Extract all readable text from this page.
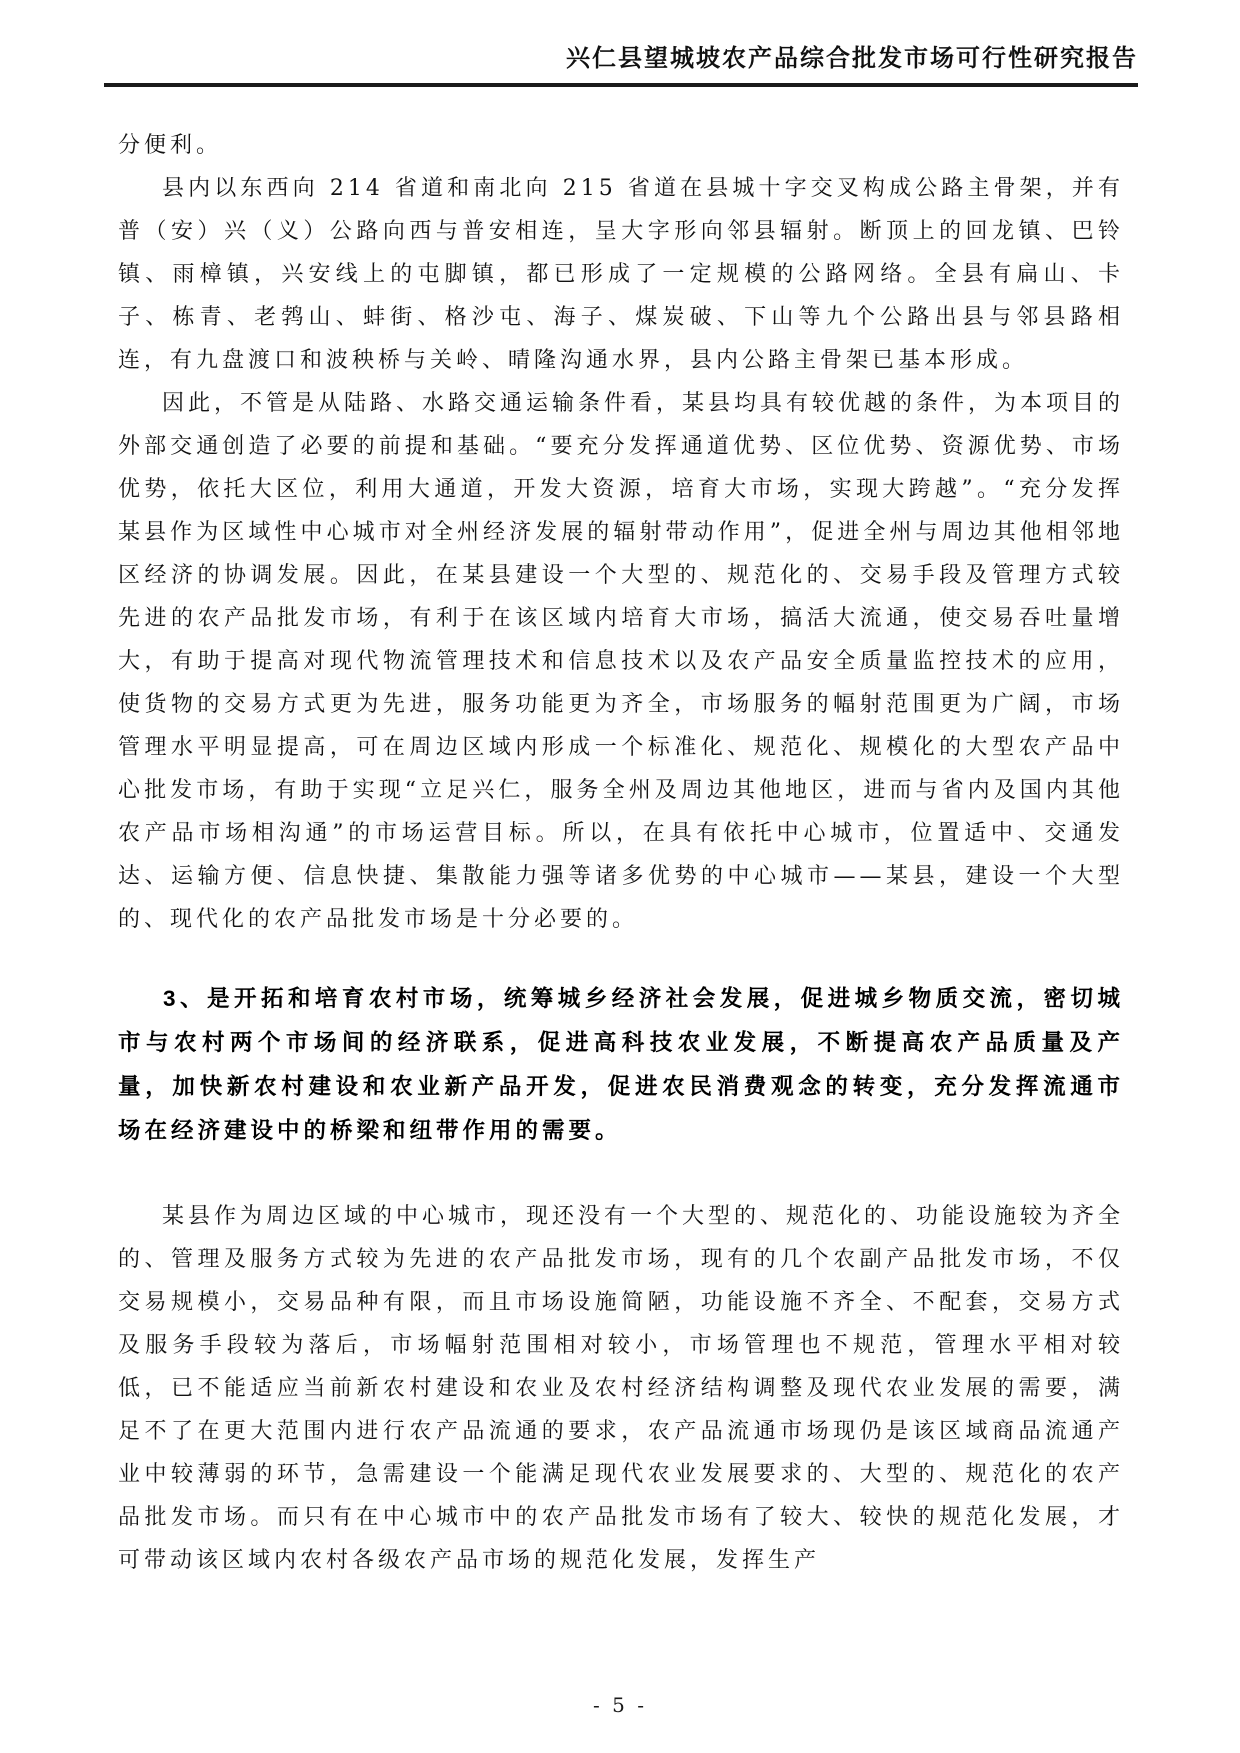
兴仁县望城坡农产品综合批发市场可行性研究报告

分便利。

县内以东西向 214 省道和南北向 215 省道在县城十字交叉构成公路主骨架，并有普（安）兴（义）公路向西与普安相连，呈大字形向邻县辐射。断顶上的回龙镇、巴铃镇、雨樟镇，兴安线上的屯脚镇，都已形成了一定规模的公路网络。全县有扁山、卡子、栋青、老鹁山、蚌街、格沙屯、海子、煤炭破、下山等九个公路出县与邻县路相连，有九盘渡口和波秧桥与关岭、晴隆沟通水界，县内公路主骨架已基本形成。

因此，不管是从陆路、水路交通运输条件看，某县均具有较优越的条件，为本项目的外部交通创造了必要的前提和基础。“要充分发挥通道优势、区位优势、资源优势、市场优势，依托大区位，利用大通道，开发大资源，培育大市场，实现大跨越”。“充分发挥某县作为区域性中心城市对全州经济发展的辐射带动作用”，促进全州与周边其他相邻地区经济的协调发展。因此，在某县建设一个大型的、规范化的、交易手段及管理方式较先进的农产品批发市场，有利于在该区域内培育大市场，搞活大流通，使交易吞吐量增大，有助于提高对现代物流管理技术和信息技术以及农产品安全质量监控技术的应用，使货物的交易方式更为先进，服务功能更为齐全，市场服务的幅射范围更为广阔，市场管理水平明显提高，可在周边区域内形成一个标准化、规范化、规模化的大型农产品中心批发市场，有助于实现“立足兴仁，服务全州及周边其他地区，进而与省内及国内其他农产品市场相沟通”的市场运营目标。所以，在具有依托中心城市，位置适中、交通发达、运输方便、信息快捷、集散能力强等诸多优势的中心城市——某县，建设一个大型的、现代化的农产品批发市场是十分必要的。

3、是开拓和培育农村市场，统筹城乡经济社会发展，促进城乡物质交流，密切城市与农村两个市场间的经济联系，促进高科技农业发展，不断提高农产品质量及产量，加快新农村建设和农业新产品开发，促进农民消费观念的转变，充分发挥流通市场在经济建设中的桥梁和纽带作用的需要。

某县作为周边区域的中心城市，现还没有一个大型的、规范化的、功能设施较为齐全的、管理及服务方式较为先进的农产品批发市场，现有的几个农副产品批发市场，不仅交易规模小，交易品种有限，而且市场设施简陋，功能设施不齐全、不配套，交易方式及服务手段较为落后，市场幅射范围相对较小，市场管理也不规范，管理水平相对较低，已不能适应当前新农村建设和农业及农村经济结构调整及现代农业发展的需要，满足不了在更大范围内进行农产品流通的要求，农产品流通市场现仍是该区域商品流通产业中较薄弱的环节，急需建设一个能满足现代农业发展要求的、大型的、规范化的农产品批发市场。而只有在中心城市中的农产品批发市场有了较大、较快的规范化发展，才可带动该区域内农村各级农产品市场的规范化发展，发挥生产

- 5 -
